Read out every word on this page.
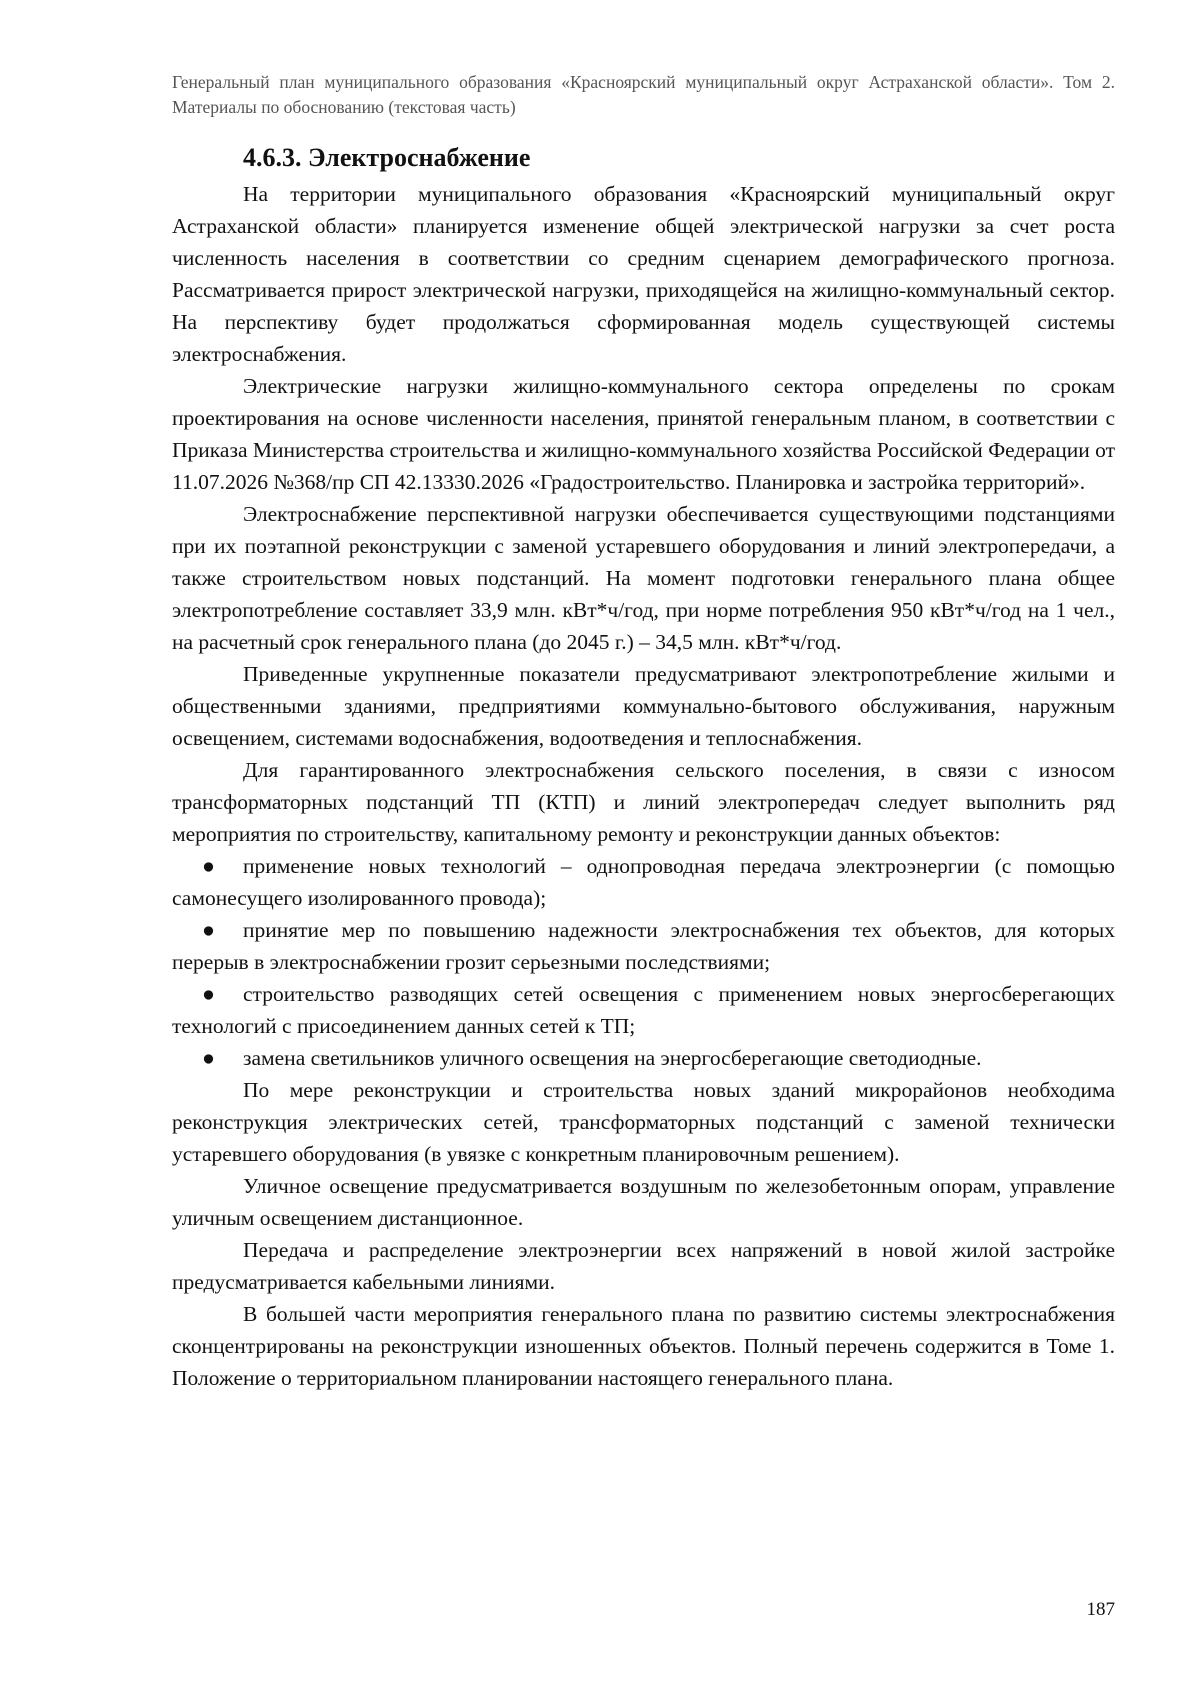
Генеральный план муниципального образования «Красноярский муниципальный округ Астраханской области». Том 2. Материалы по обоснованию (текстовая часть)
4.6.3. Электроснабжение

На территории муниципального образования «Красноярский муниципальный округ Астраханской области» планируется изменение общей электрической нагрузки за счет роста численность населения в соответствии со средним сценарием демографического прогноза. Рассматривается прирост электрической нагрузки, приходящейся на жилищно-коммунальный сектор. На перспективу будет продолжаться сформированная модель существующей системы электроснабжения.

Электрические нагрузки жилищно-коммунального сектора определены по срокам проектирования на основе численности населения, принятой генеральным планом, в соответствии с Приказа Министерства строительства и жилищно-коммунального хозяйства Российской Федерации от 11.07.2026 №368/пр СП 42.13330.2026 «Градостроительство. Планировка и застройка территорий».

Электроснабжение перспективной нагрузки обеспечивается существующими подстанциями при их поэтапной реконструкции с заменой устаревшего оборудования и линий электропередачи, а также строительством новых подстанций. На момент подготовки генерального плана общее электропотребление составляет 33,9 млн. кВт*ч/год, при норме потребления 950 кВт*ч/год на 1 чел., на расчетный срок генерального плана (до 2045 г.) – 34,5 млн. кВт*ч/год.

Приведенные укрупненные показатели предусматривают электропотребление жилыми и общественными зданиями, предприятиями коммунально-бытового обслуживания, наружным освещением, системами водоснабжения, водоотведения и теплоснабжения.

Для гарантированного электроснабжения сельского поселения, в связи с износом трансформаторных подстанций ТП (КТП) и линий электропередач следует выполнить ряд мероприятия по строительству, капитальному ремонту и реконструкции данных объектов:

● применение новых технологий – однопроводная передача электроэнергии (с помощью самонесущего изолированного провода);
● принятие мер по повышению надежности электроснабжения тех объектов, для которых перерыв в электроснабжении грозит серьезными последствиями;
● строительство разводящих сетей освещения с применением новых энергосберегающих технологий с присоединением данных сетей к ТП;
● замена светильников уличного освещения на энергосберегающие светодиодные.

По мере реконструкции и строительства новых зданий микрорайонов необходима реконструкция электрических сетей, трансформаторных подстанций с заменой технически устаревшего оборудования (в увязке с конкретным планировочным решением).

Уличное освещение предусматривается воздушным по железобетонным опорам, управление уличным освещением дистанционное.

Передача и распределение электроэнергии всех напряжений в новой жилой застройке предусматривается кабельными линиями.

В большей части мероприятия генерального плана по развитию системы электроснабжения сконцентрированы на реконструкции изношенных объектов. Полный перечень содержится в Томе 1. Положение о территориальном планировании настоящего генерального плана.

187
